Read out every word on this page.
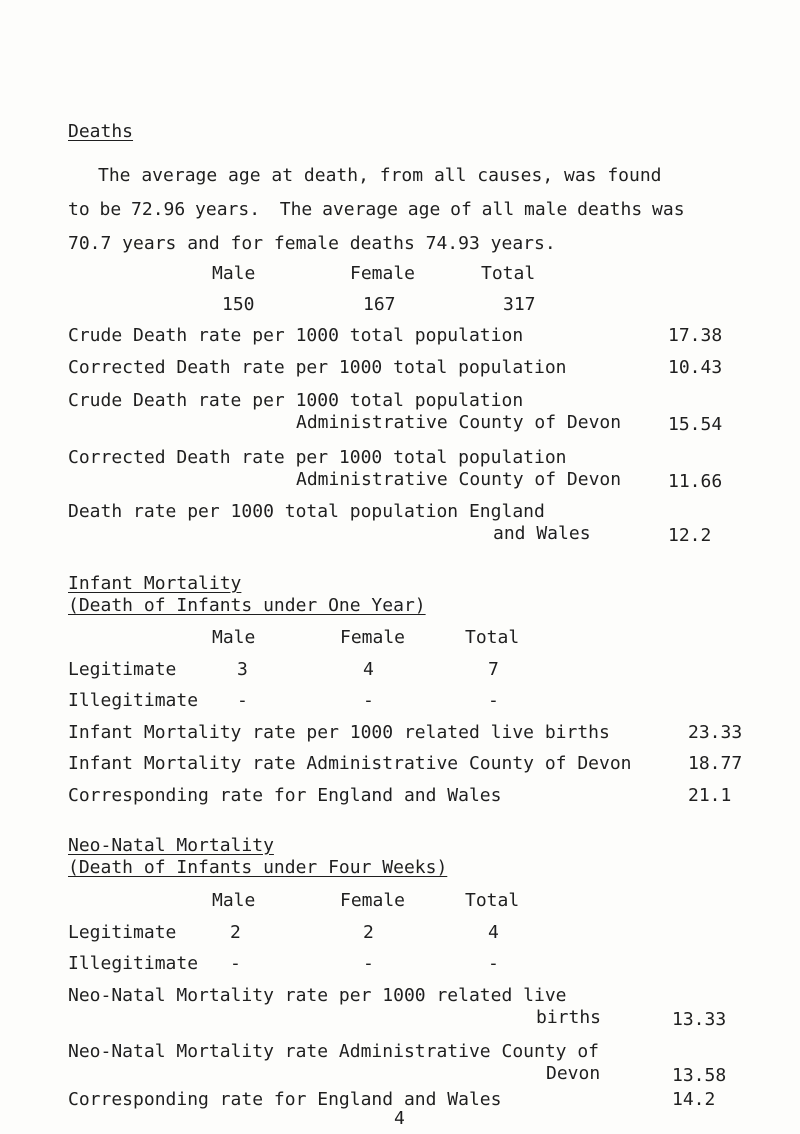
Deaths
The average age at death, from all causes, was found
to be 72.96 years.  The average age of all male deaths was
70.7 years and for female deaths 74.93 years.
Male	Female	Total
150	167	317
Crude Death rate per 1000 total population	17.38
Corrected Death rate per 1000 total population	10.43
Crude Death rate per 1000 total population
Administrative County of Devon	15.54
Corrected Death rate per 1000 total population
Administrative County of Devon	11.66
Death rate per 1000 total population England
and Wales	12.2
Infant Mortality
(Death of Infants under One Year)
Male	Female	Total
Legitimate	3	4	7
Illegitimate -	-	-
Infant Mortality rate per 1000 related live births	23.33
Infant Mortality rate Administrative County of Devon	18.77
Corresponding rate for England and Wales	21.1
Neo-Natal Mortality
(Death of Infants under Four Weeks)
Male	Female	Total
Legitimate	2	2	4
Illegitimate -	-	-
Neo-Natal Mortality rate per 1000 related live
births	13.33
Neo-Natal Mortality rate Administrative County of
Devon	13.58
Corresponding rate for England and Wales	14.2
4
